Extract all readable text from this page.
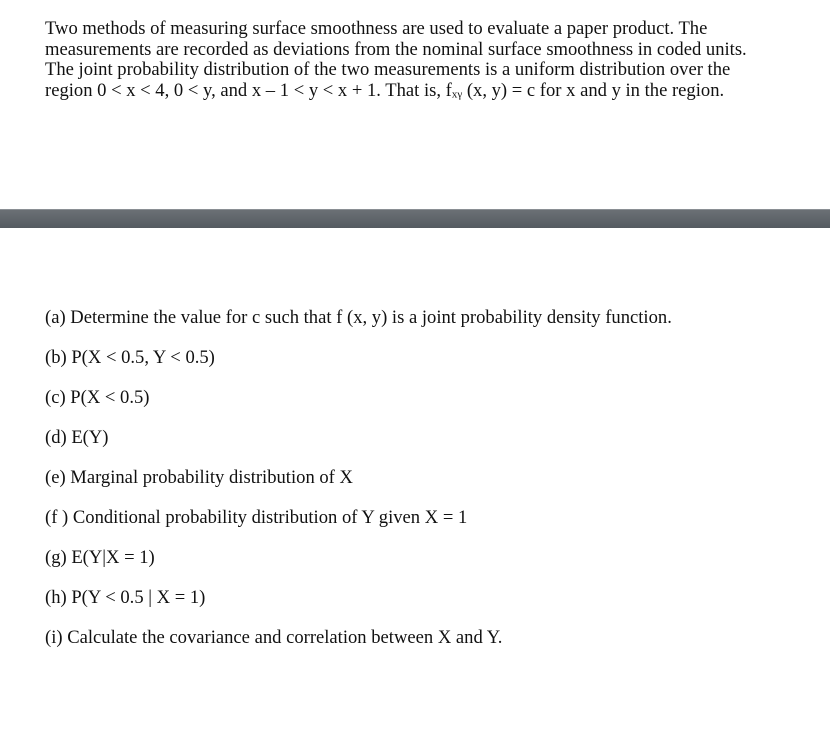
Two methods of measuring surface smoothness are used to evaluate a paper product. The
measurements are recorded as deviations from the nominal surface smoothness in coded units.
The joint probability distribution of the two measurements is a uniform distribution over the
region 0 < x < 4, 0 < y, and x – 1 < y < x + 1. That is, fₓᵧ (x, y) = c for x and y in the region.

(a) Determine the value for c such that f (x, y) is a joint probability density function.
(b) P(X < 0.5, Y < 0.5)
(c) P(X < 0.5)
(d) E(Y)
(e) Marginal probability distribution of X
(f ) Conditional probability distribution of Y given X = 1
(g) E(Y|X = 1)
(h) P(Y < 0.5 | X = 1)
(i) Calculate the covariance and correlation between X and Y.
